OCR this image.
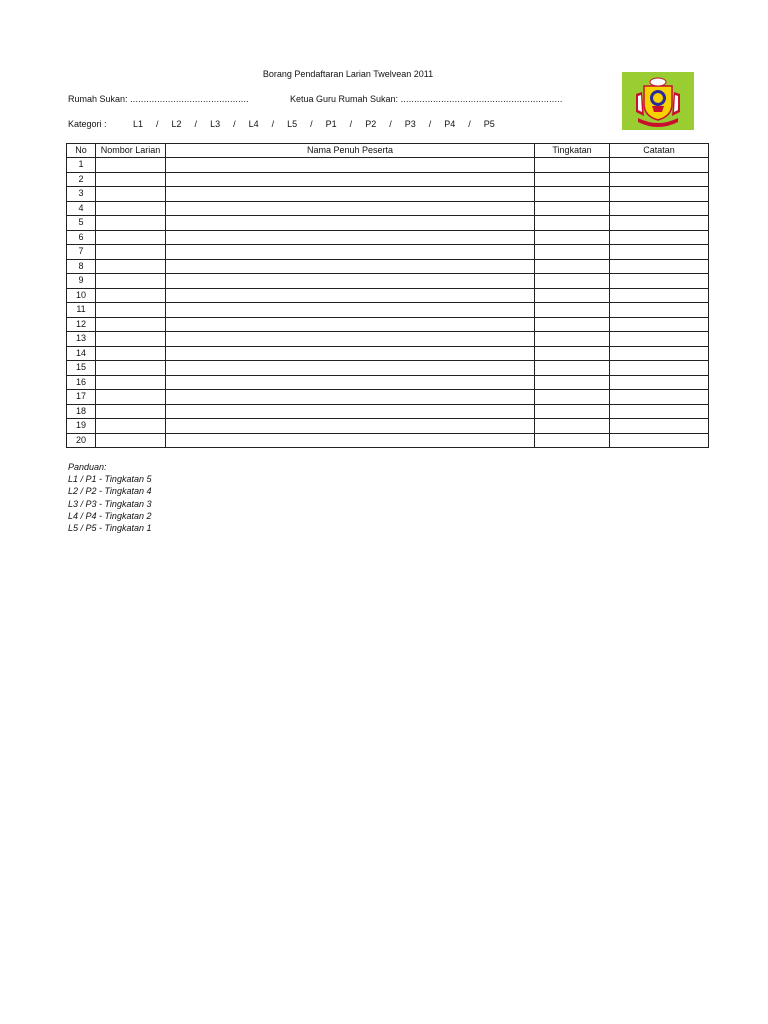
Borang Pendaftaran Larian Twelvean 2011
Rumah Sukan: ............................................	Ketua Guru Rumah Sukan: ............................................................
Kategori :	L1 / L2 / L3 / L4 / L5 / P1 / P2 / P3 / P4 / P5
No	Nombor Larian	Nama Penuh Peserta	Tingkatan	Catatan
1				
2				
3				
4				
5				
6				
7				
8				
9				
10				
11				
12				
13				
14				
15				
16				
17				
18				
19				
20				
Panduan:
L1 / P1 - Tingkatan 5
L2 / P2 - Tingkatan 4
L3 / P3 - Tingkatan 3
L4 / P4 - Tingkatan 2
L5 / P5 - Tingkatan 1
